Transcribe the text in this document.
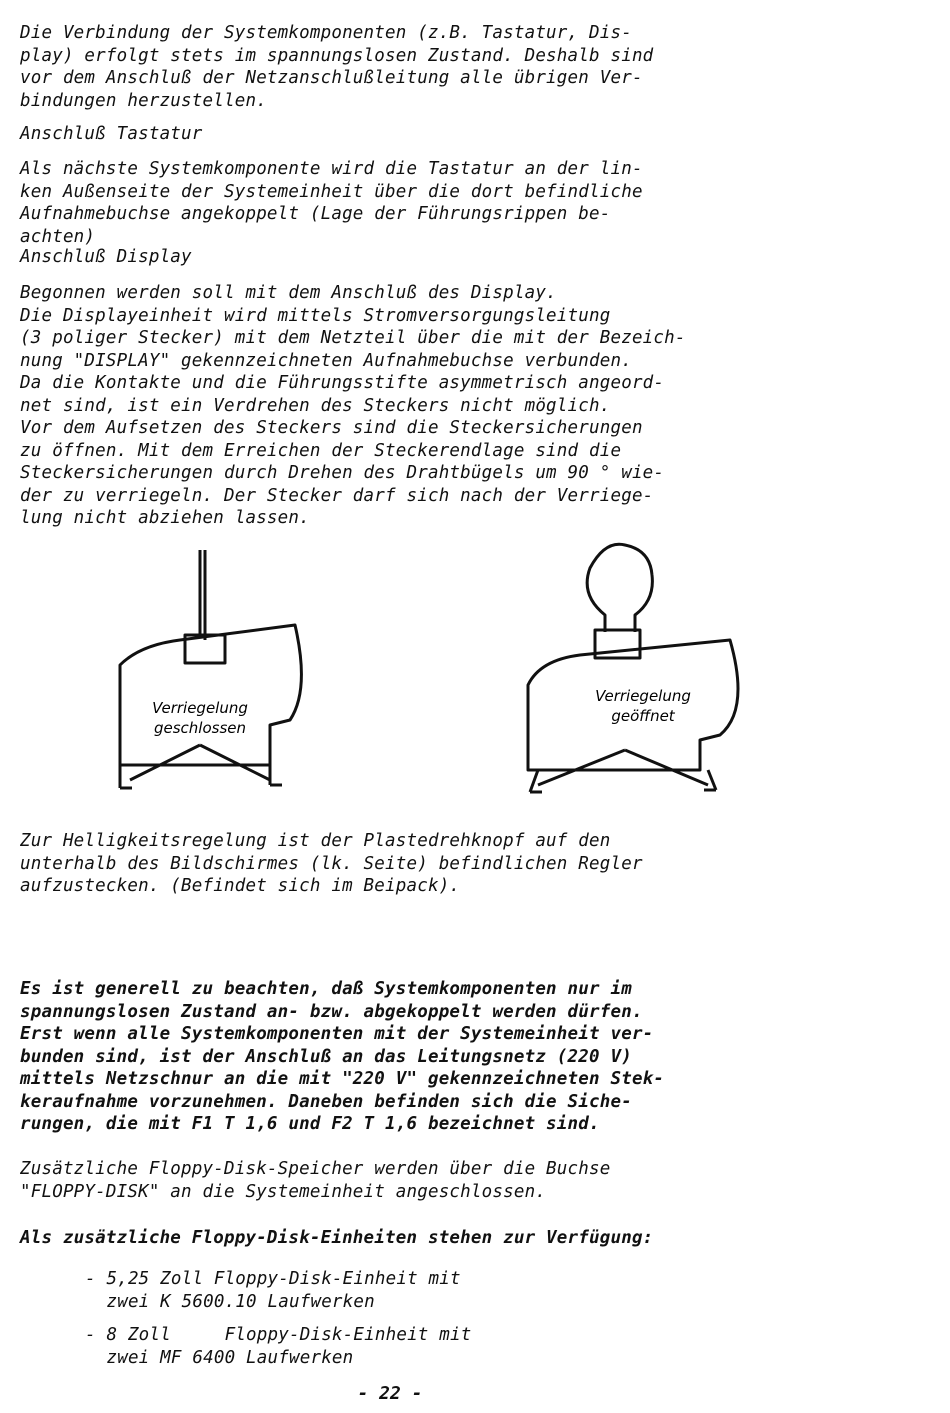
Die Verbindung der Systemkomponenten (z.B. Tastatur, Dis-
play) erfolgt stets im spannungslosen Zustand. Deshalb sind
vor dem Anschluß der Netzanschlußleitung alle übrigen Ver-
bindungen herzustellen.
Anschluß Tastatur
Als nächste Systemkomponente wird die Tastatur an der lin-
ken Außenseite der Systemeinheit über die dort befindliche
Aufnahmebuchse angekoppelt (Lage der Führungsrippen be-
achten)
Anschluß Display
Begonnen werden soll mit dem Anschluß des Display.
Die Displayeinheit wird mittels Stromversorgungsleitung
(3 poliger Stecker) mit dem Netzteil über die mit der Bezeich-
nung "DISPLAY" gekennzeichneten Aufnahmebuchse verbunden.
Da die Kontakte und die Führungsstifte asymmetrisch angeord-
net sind, ist ein Verdrehen des Steckers nicht möglich.
Vor dem Aufsetzen des Steckers sind die Steckersicherungen
zu öffnen. Mit dem Erreichen der Steckerendlage sind die
Steckersicherungen durch Drehen des Drahtbügels um 90 ° wie-
der zu verriegeln. Der Stecker darf sich nach der Verriege-
lung nicht abziehen lassen.
Verriegelung
geschlossen
Verriegelung
geöffnet
Zur Helligkeitsregelung ist der Plastedrehknopf auf den
unterhalb des Bildschirmes (lk. Seite) befindlichen Regler
aufzustecken. (Befindet sich im Beipack).
Es ist generell zu beachten, daß Systemkomponenten nur im
spannungslosen Zustand an- bzw. abgekoppelt werden dürfen.
Erst wenn alle Systemkomponenten mit der Systemeinheit ver-
bunden sind, ist der Anschluß an das Leitungsnetz (220 V)
mittels Netzschnur an die mit "220 V" gekennzeichneten Stek-
keraufnahme vorzunehmen. Daneben befinden sich die Siche-
rungen, die mit F1 T 1,6 und F2 T 1,6 bezeichnet sind.
Zusätzliche Floppy-Disk-Speicher werden über die Buchse
"FLOPPY-DISK" an die Systemeinheit angeschlossen.
Als zusätzliche Floppy-Disk-Einheiten stehen zur Verfügung:
- 5,25 Zoll Floppy-Disk-Einheit mit
zwei K 5600.10 Laufwerken
- 8 Zoll     Floppy-Disk-Einheit mit
zwei MF 6400 Laufwerken
- 22 -
